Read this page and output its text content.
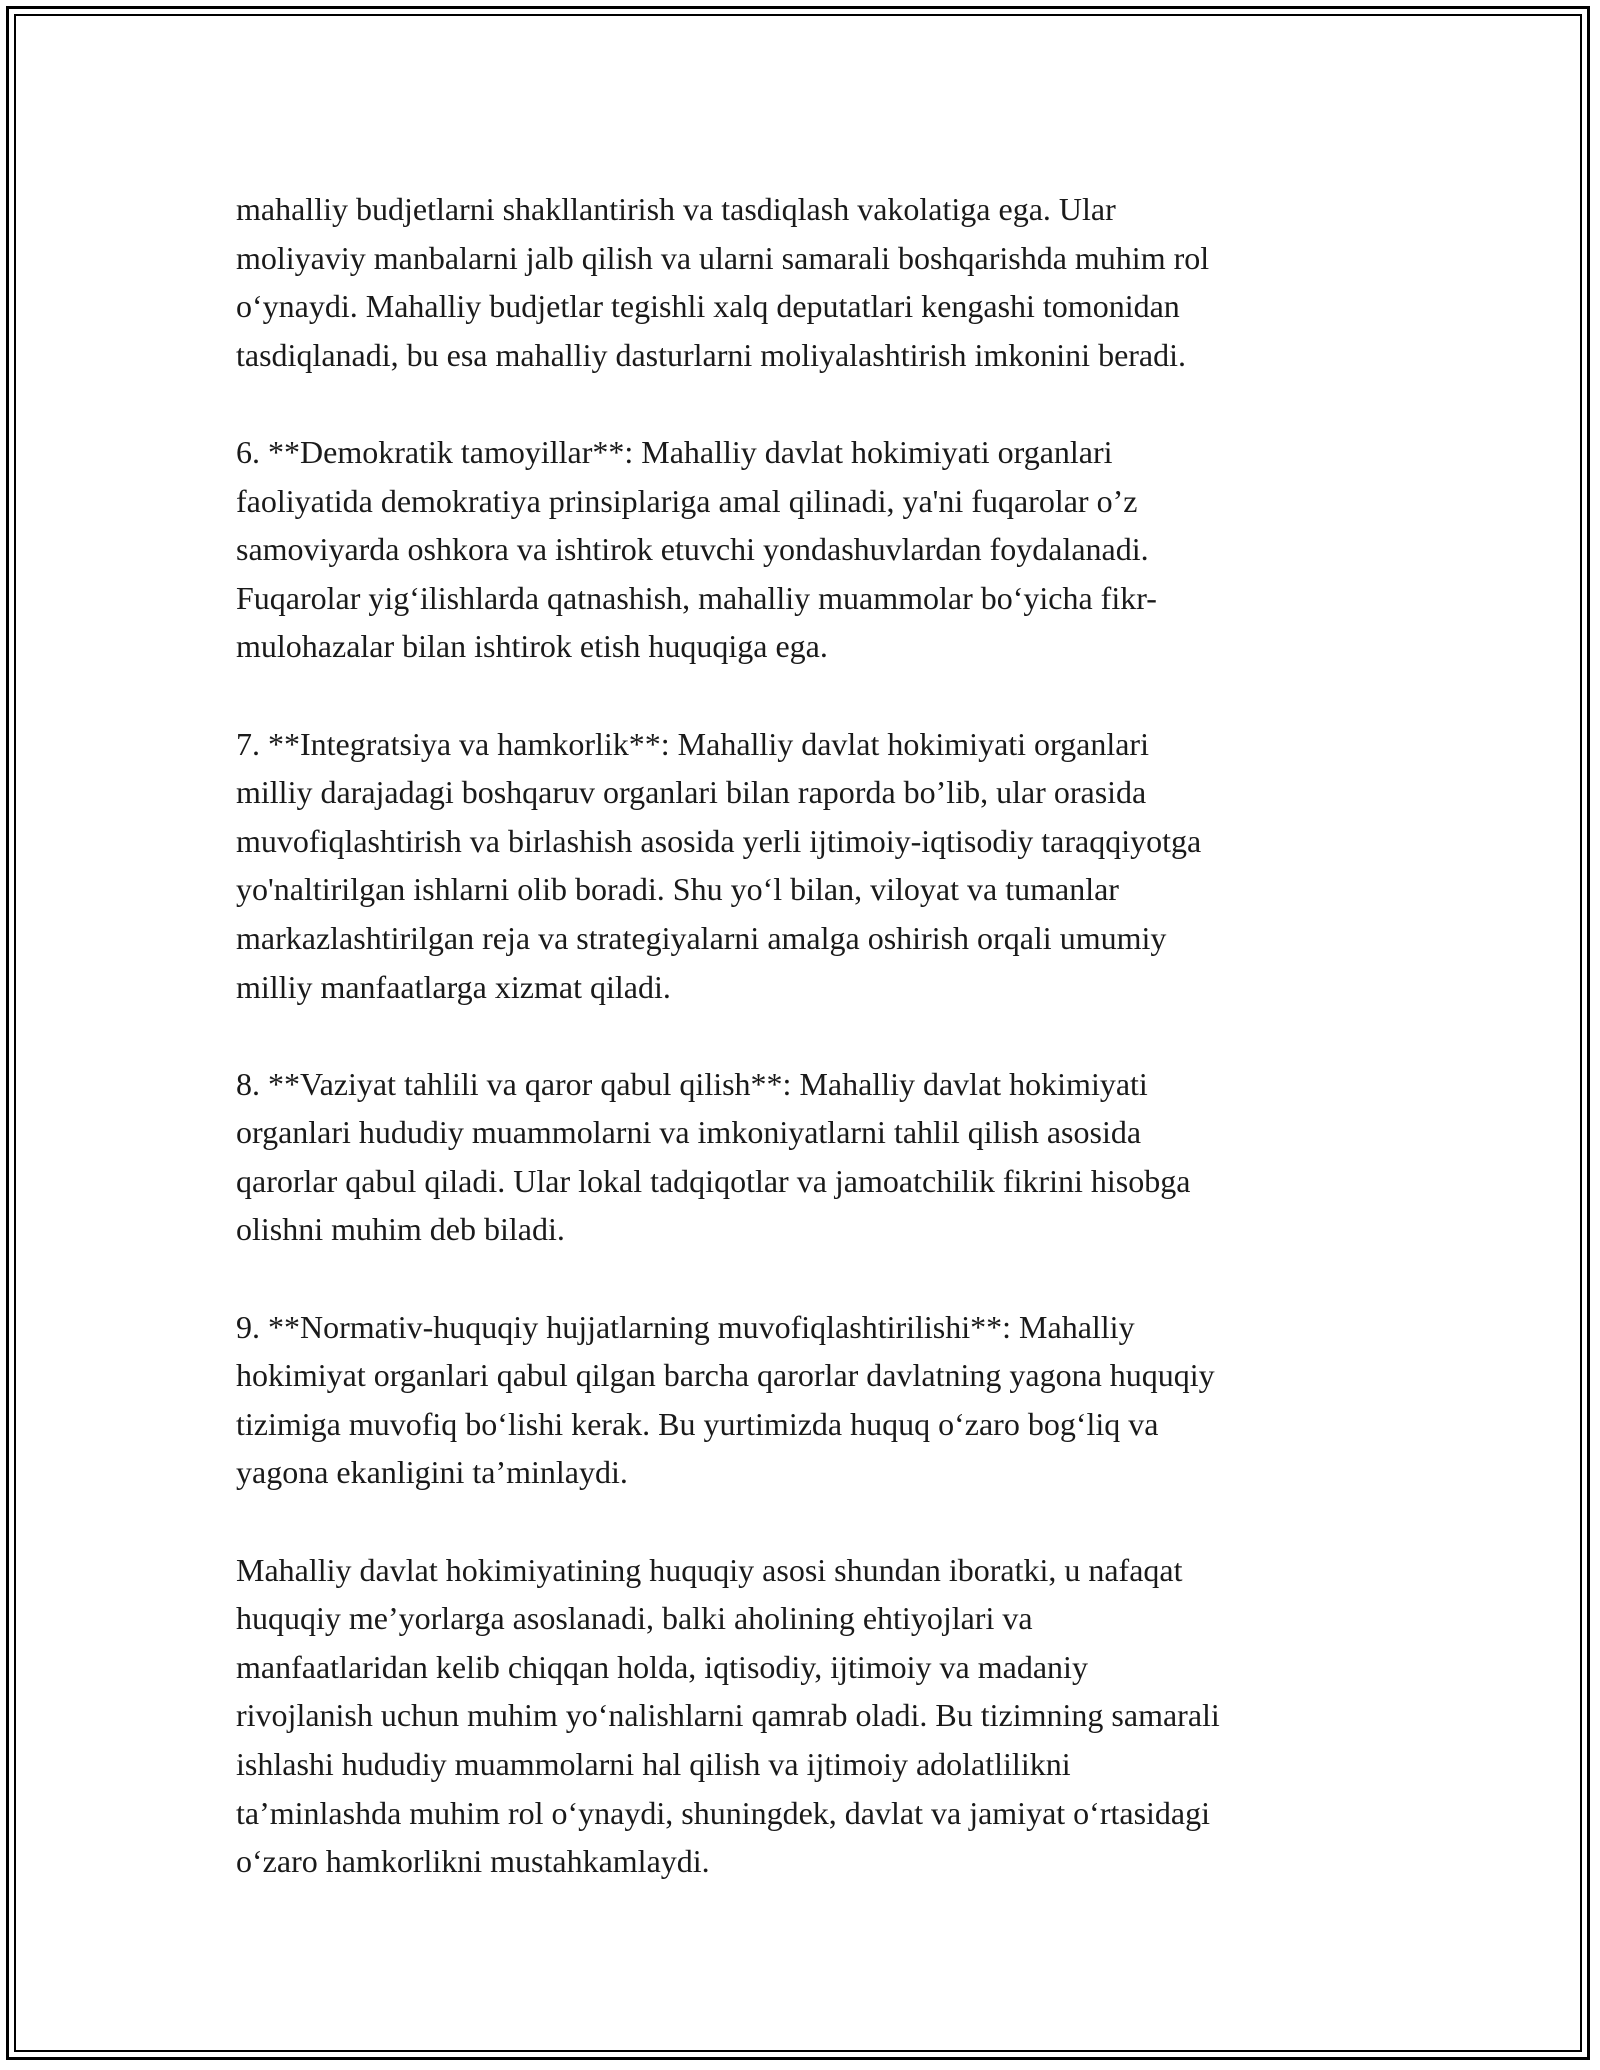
mahalliy budjetlarni shakllantirish va tasdiqlash vakolatiga ega. Ular
moliyaviy manbalarni jalb qilish va ularni samarali boshqarishda muhim rol
o‘ynaydi. Mahalliy budjetlar tegishli xalq deputatlari kengashi tomonidan
tasdiqlanadi, bu esa mahalliy dasturlarni moliyalashtirish imkonini beradi.

6. **Demokratik tamoyillar**: Mahalliy davlat hokimiyati organlari
faoliyatida demokratiya prinsiplariga amal qilinadi, ya'ni fuqarolar o’z
samoviyarda oshkora va ishtirok etuvchi yondashuvlardan foydalanadi.
Fuqarolar yig‘ilishlarda qatnashish, mahalliy muammolar bo‘yicha fikr-
mulohazalar bilan ishtirok etish huquqiga ega.

7. **Integratsiya va hamkorlik**: Mahalliy davlat hokimiyati organlari
milliy darajadagi boshqaruv organlari bilan raporda bo’lib, ular orasida
muvofiqlashtirish va birlashish asosida yerli ijtimoiy-iqtisodiy taraqqiyotga
yo'naltirilgan ishlarni olib boradi. Shu yo‘l bilan, viloyat va tumanlar
markazlashtirilgan reja va strategiyalarni amalga oshirish orqali umumiy
milliy manfaatlarga xizmat qiladi.

8. **Vaziyat tahlili va qaror qabul qilish**: Mahalliy davlat hokimiyati
organlari hududiy muammolarni va imkoniyatlarni tahlil qilish asosida
qarorlar qabul qiladi. Ular lokal tadqiqotlar va jamoatchilik fikrini hisobga
olishni muhim deb biladi.

9. **Normativ-huquqiy hujjatlarning muvofiqlashtirilishi**: Mahalliy
hokimiyat organlari qabul qilgan barcha qarorlar davlatning yagona huquqiy
tizimiga muvofiq bo‘lishi kerak. Bu yurtimizda huquq o‘zaro bog‘liq va
yagona ekanligini ta’minlaydi.

Mahalliy davlat hokimiyatining huquqiy asosi shundan iboratki, u nafaqat
huquqiy me’yorlarga asoslanadi, balki aholining ehtiyojlari va
manfaatlaridan kelib chiqqan holda, iqtisodiy, ijtimoiy va madaniy
rivojlanish uchun muhim yo‘nalishlarni qamrab oladi. Bu tizimning samarali
ishlashi hududiy muammolarni hal qilish va ijtimoiy adolatlilikni
ta’minlashda muhim rol o‘ynaydi, shuningdek, davlat va jamiyat o‘rtasidagi
o‘zaro hamkorlikni mustahkamlaydi.
